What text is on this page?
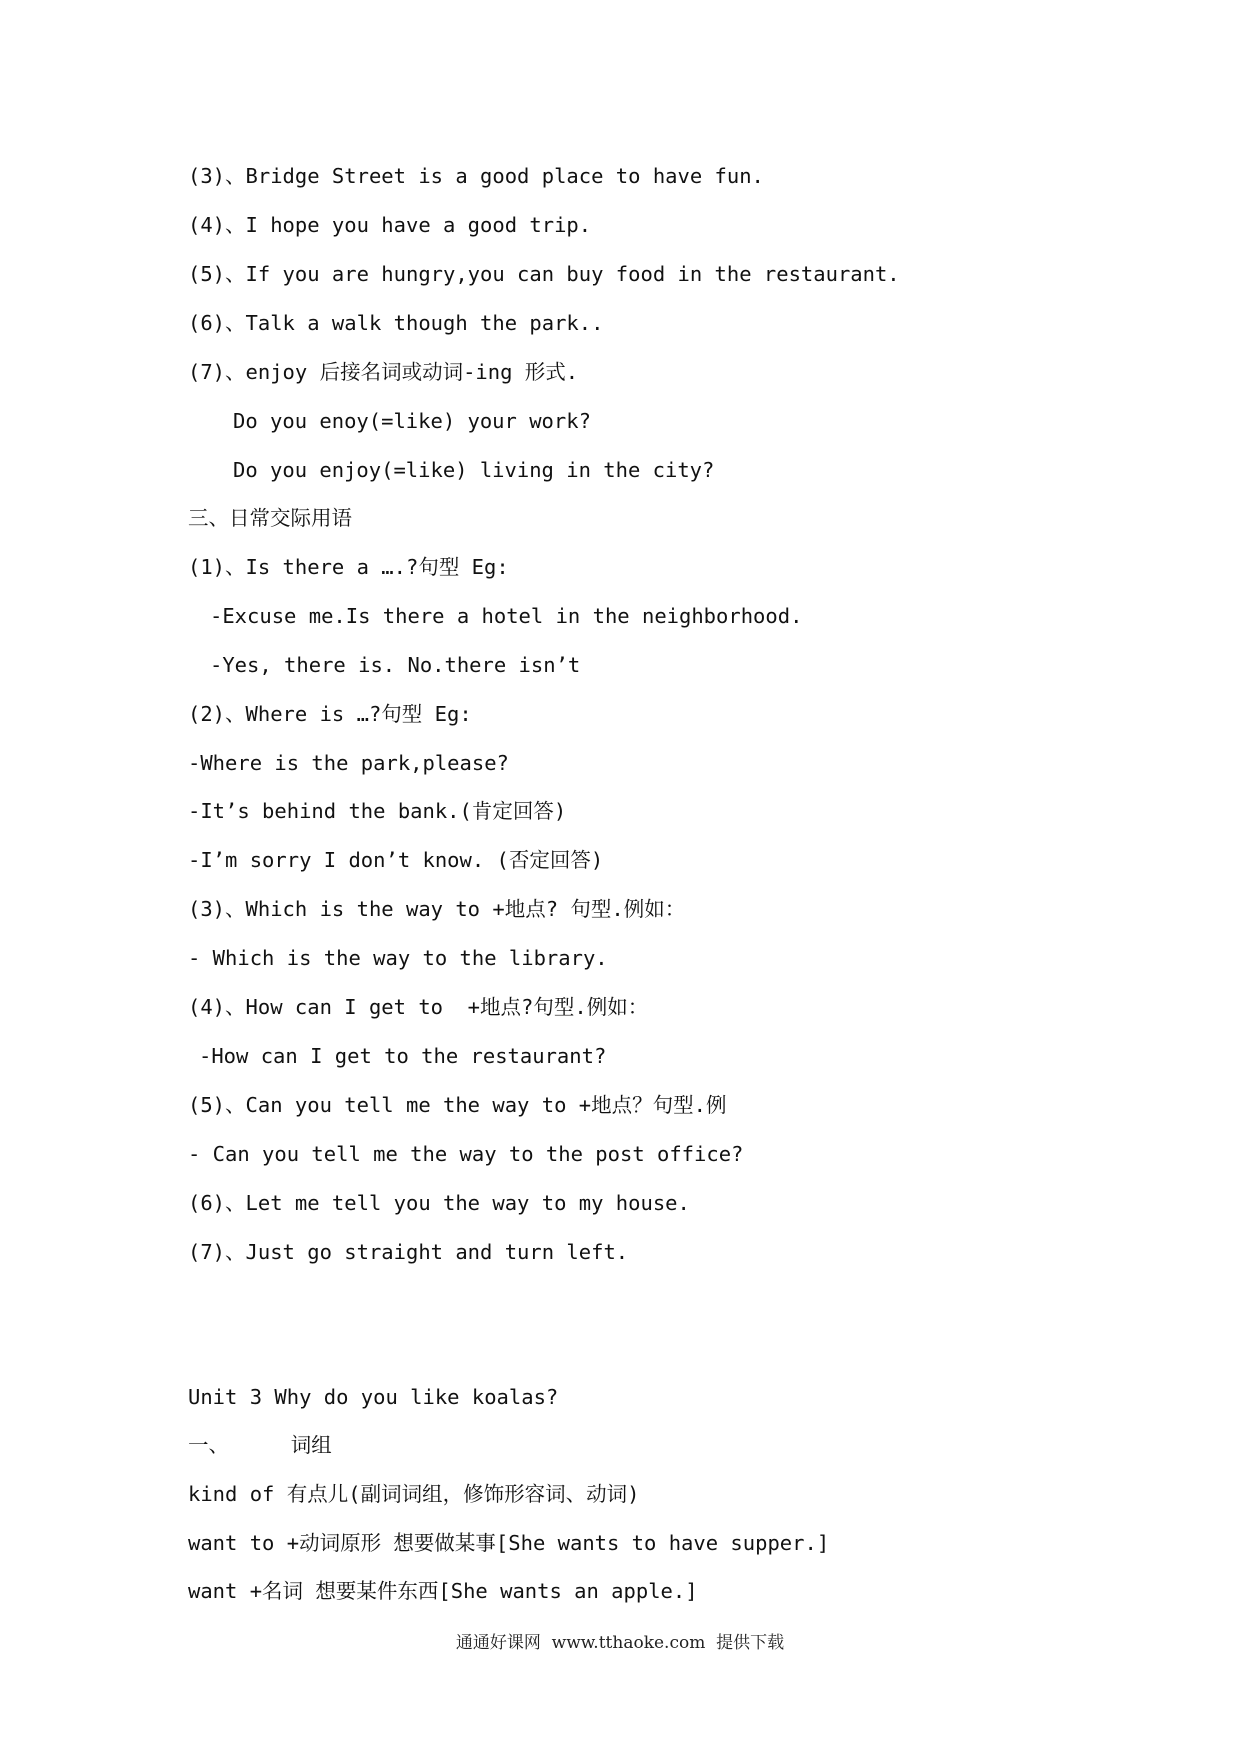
(3)、Bridge Street is a good place to have fun.
(4)、I hope you have a good trip.
(5)、If you are hungry,you can buy food in the restaurant.
(6)、Talk a walk though the park..
(7)、enjoy 后接名词或动词-ing 形式.
Do you enoy(=like) your work?
Do you enjoy(=like) living in the city?
三、日常交际用语
(1)、Is there a ….?句型 Eg:
-Excuse me.Is there a hotel in the neighborhood.
-Yes, there is. No.there isn’t
(2)、Where is …?句型 Eg:
-Where is the park,please?
-It’s behind the bank.(肯定回答)
-I’m sorry I don’t know. (否定回答)
(3)、Which is the way to +地点? 句型.例如：
- Which is the way to the library.
(4)、How can I get to  +地点?句型.例如：
-How can I get to the restaurant?
(5)、Can you tell me the way to +地点？句型.例
- Can you tell me the way to the post office?
(6)、Let me tell you the way to my house.
(7)、Just go straight and turn left.
Unit 3 Why do you like koalas?
一、     词组
kind of 有点儿(副词词组，修饰形容词、动词)
want to +动词原形 想要做某事[She wants to have supper.]
want +名词 想要某件东西[She wants an apple.]
通通好课网  www.tthaoke.com  提供下载
